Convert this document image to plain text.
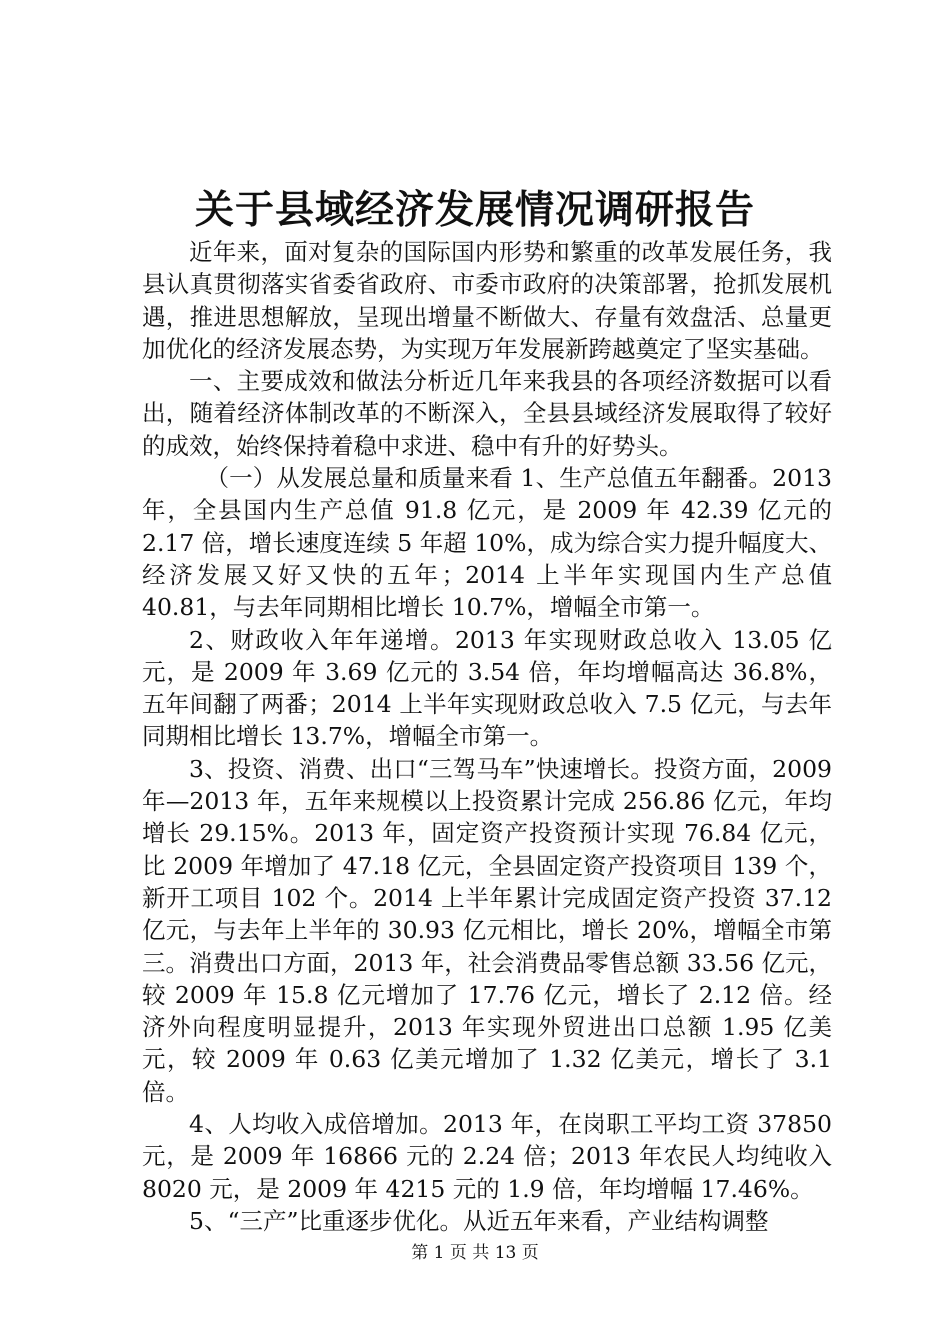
关于县域经济发展情况调研报告

近年来，面对复杂的国际国内形势和繁重的改革发展任务，我县认真贯彻落实省委省政府、市委市政府的决策部署，抢抓发展机遇，推进思想解放，呈现出增量不断做大、存量有效盘活、总量更加优化的经济发展态势，为实现万年发展新跨越奠定了坚实基础。

一、主要成效和做法分析近几年来我县的各项经济数据可以看出，随着经济体制改革的不断深入，全县县域经济发展取得了较好的成效，始终保持着稳中求进、稳中有升的好势头。

（一）从发展总量和质量来看 1、生产总值五年翻番。2013 年，全县国内生产总值 91.8 亿元，是 2009 年 42.39 亿元的 2.17 倍，增长速度连续 5 年超 10%，成为综合实力提升幅度大、经济发展又好又快的五年；2014 上半年实现国内生产总值 40.81，与去年同期相比增长 10.7%，增幅全市第一。

2、财政收入年年递增。2013 年实现财政总收入 13.05 亿元，是 2009 年 3.69 亿元的 3.54 倍，年均增幅高达 36.8%，五年间翻了两番；2014 上半年实现财政总收入 7.5 亿元，与去年同期相比增长 13.7%，增幅全市第一。

3、投资、消费、出口“三驾马车”快速增长。投资方面，2009 年—2013 年，五年来规模以上投资累计完成 256.86 亿元，年均增长 29.15%。2013 年，固定资产投资预计实现 76.84 亿元，比 2009 年增加了 47.18 亿元，全县固定资产投资项目 139 个，新开工项目 102 个。2014 上半年累计完成固定资产投资 37.12 亿元，与去年上半年的 30.93 亿元相比，增长 20%，增幅全市第三。消费出口方面，2013 年，社会消费品零售总额 33.56 亿元，较 2009 年 15.8 亿元增加了 17.76 亿元，增长了 2.12 倍。经济外向程度明显提升，2013 年实现外贸进出口总额 1.95 亿美元，较 2009 年 0.63 亿美元增加了 1.32 亿美元，增长了 3.1 倍。

4、人均收入成倍增加。2013 年，在岗职工平均工资 37850 元，是 2009 年 16866 元的 2.24 倍；2013 年农民人均纯收入 8020 元，是 2009 年 4215 元的 1.9 倍，年均增幅 17.46%。

5、“三产”比重逐步优化。从近五年来看，产业结构调整

第 1 页 共 13 页
